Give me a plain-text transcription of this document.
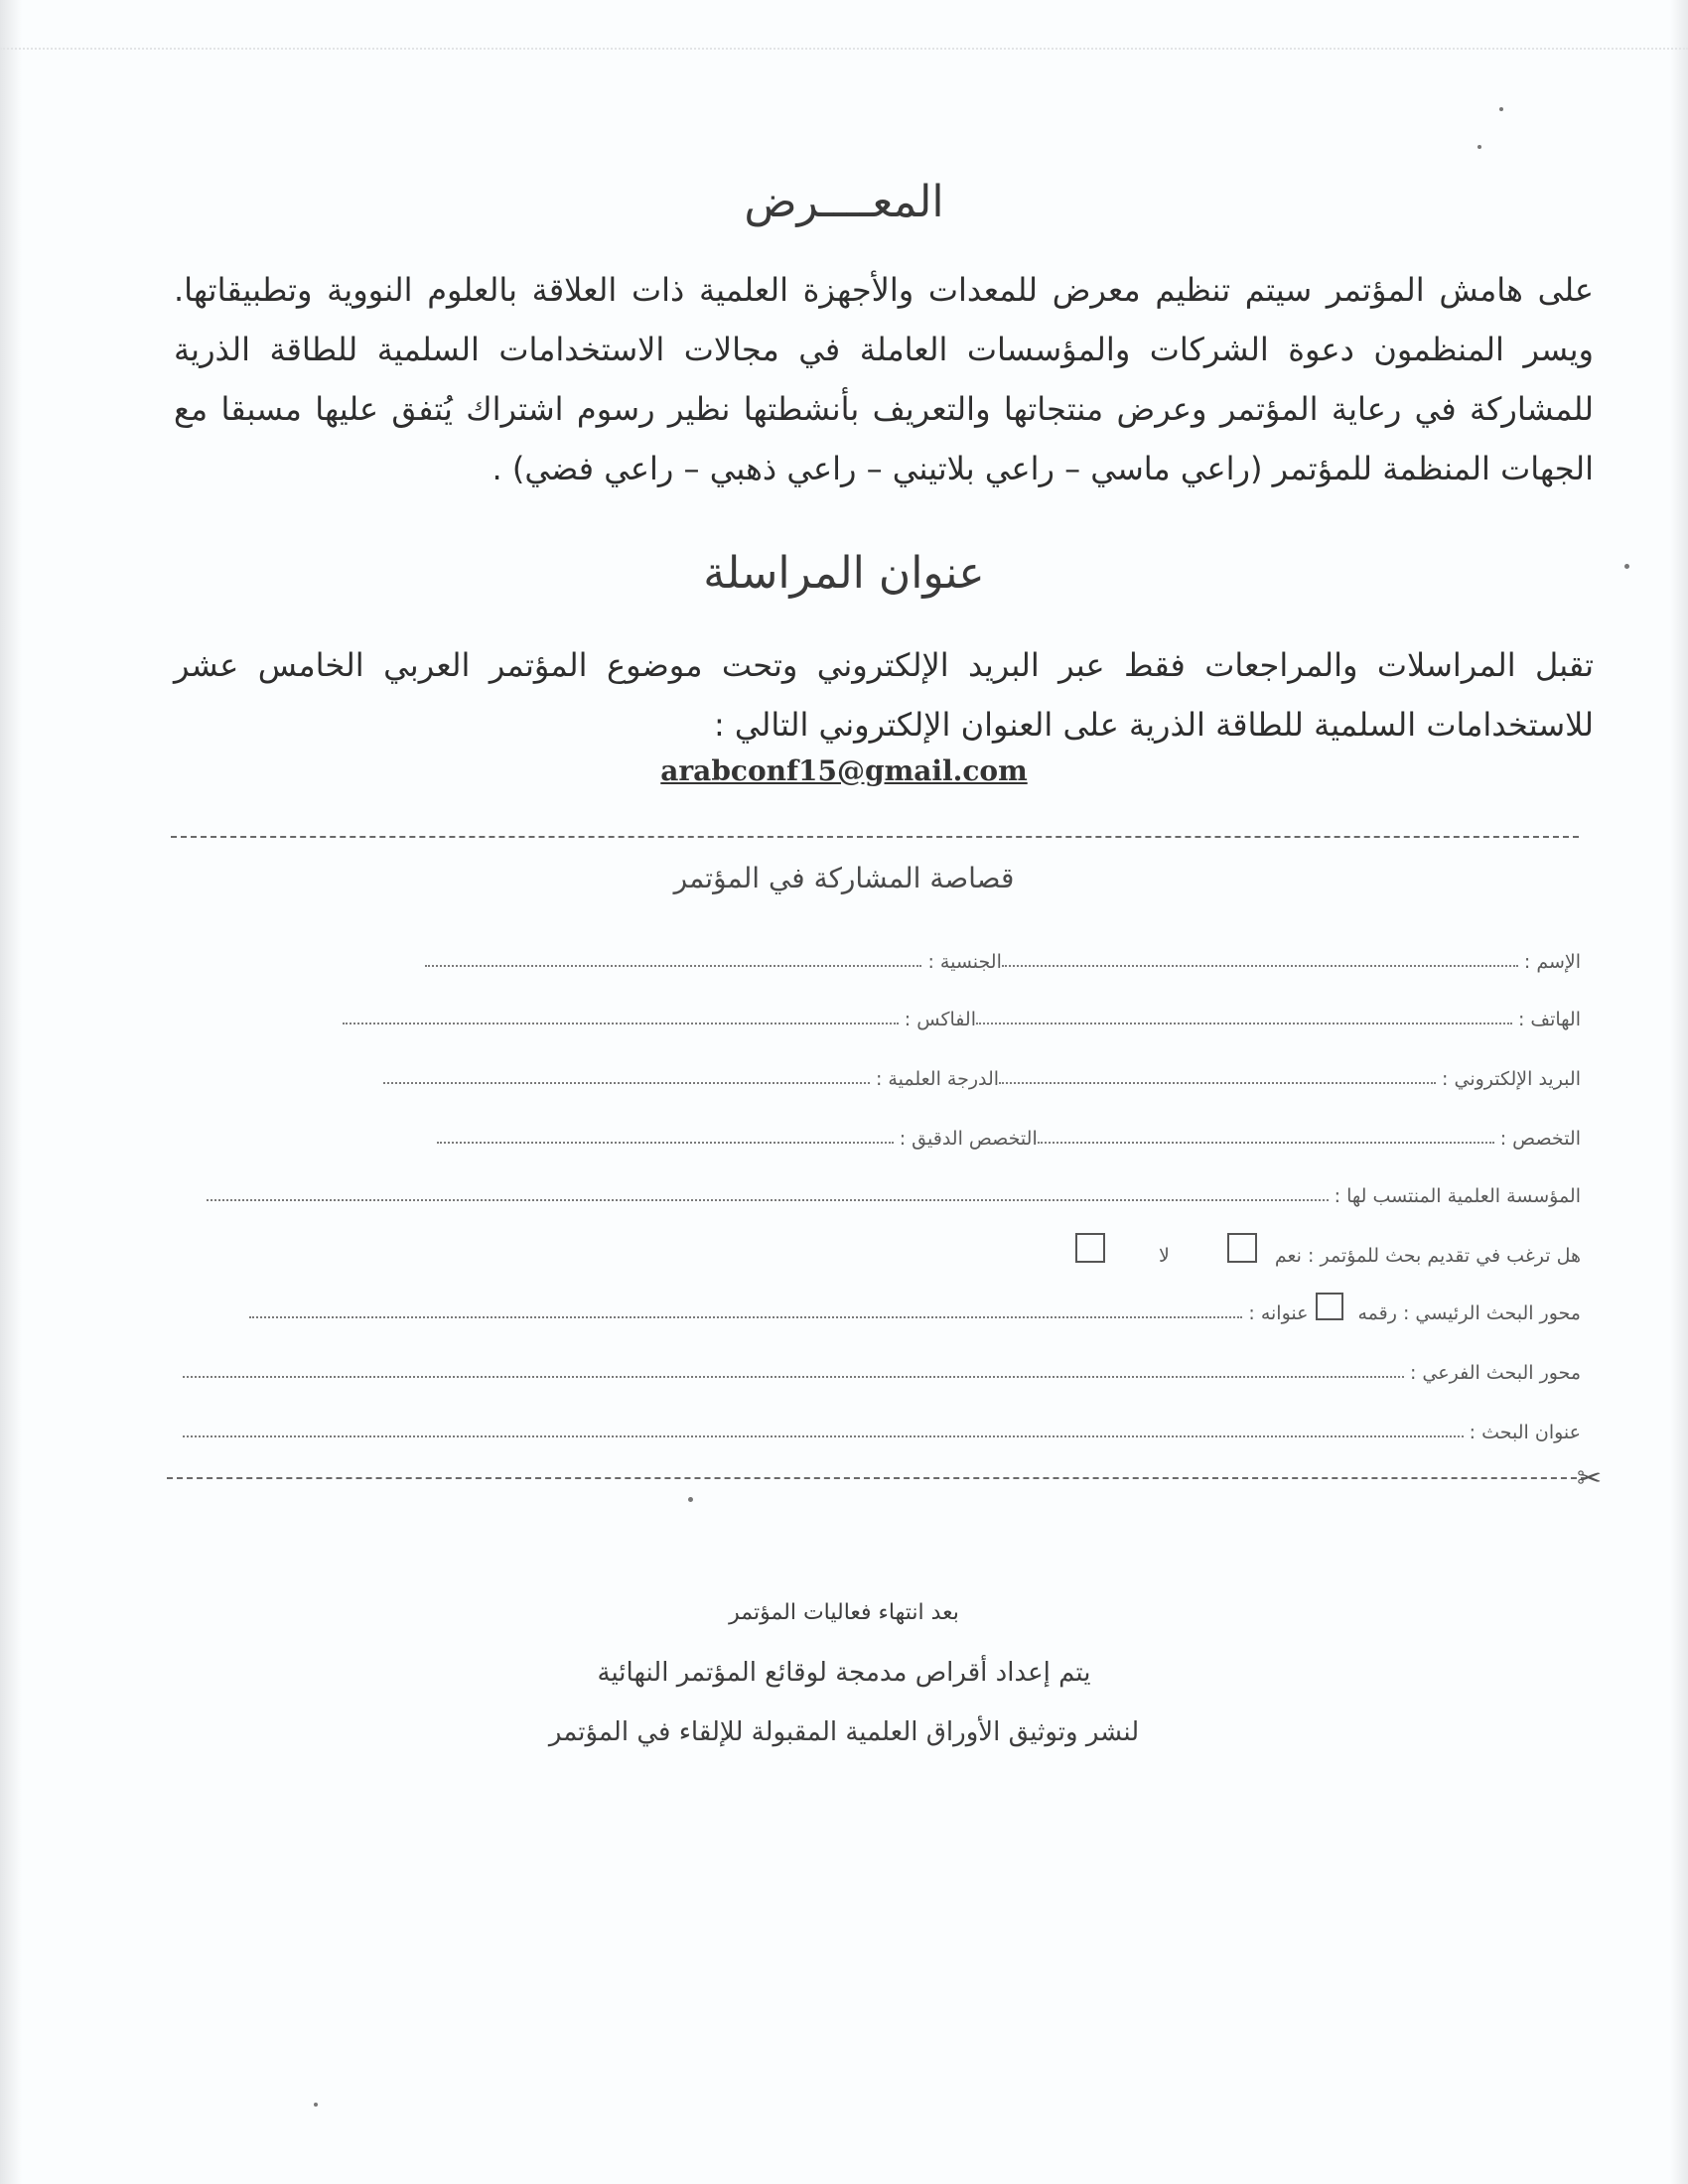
المعــــرض
على هامش المؤتمر سيتم تنظيم معرض للمعدات والأجهزة العلمية ذات العلاقة بالعلوم النووية وتطبيقاتها. ويسر المنظمون دعوة الشركات والمؤسسات العاملة في مجالات الاستخدامات السلمية للطاقة الذرية للمشاركة في رعاية المؤتمر وعرض منتجاتها والتعريف بأنشطتها نظير رسوم اشتراك يُتفق عليها مسبقا مع الجهات المنظمة للمؤتمر (راعي ماسي – راعي بلاتيني – راعي ذهبي – راعي فضي) .
عنوان المراسلة
تقبل المراسلات والمراجعات فقط عبر البريد الإلكتروني وتحت موضوع المؤتمر العربي الخامس عشر للاستخدامات السلمية للطاقة الذرية على العنوان الإلكتروني التالي :
arabconf15@gmail.com
قصاصة المشاركة في المؤتمر
الإسم :
الجنسية :
الهاتف :
الفاكس :
البريد الإلكتروني :
الدرجة العلمية :
التخصص :
التخصص الدقيق :
المؤسسة العلمية المنتسب لها :
هل ترغب في تقديم بحث للمؤتمر : نعم
لا
محور البحث الرئيسي : رقمه
عنوانه :
محور البحث الفرعي :
عنوان البحث :
✂
بعد انتهاء فعاليات المؤتمر
يتم إعداد أقراص مدمجة لوقائع المؤتمر النهائية
لنشر وتوثيق الأوراق العلمية المقبولة للإلقاء في المؤتمر
